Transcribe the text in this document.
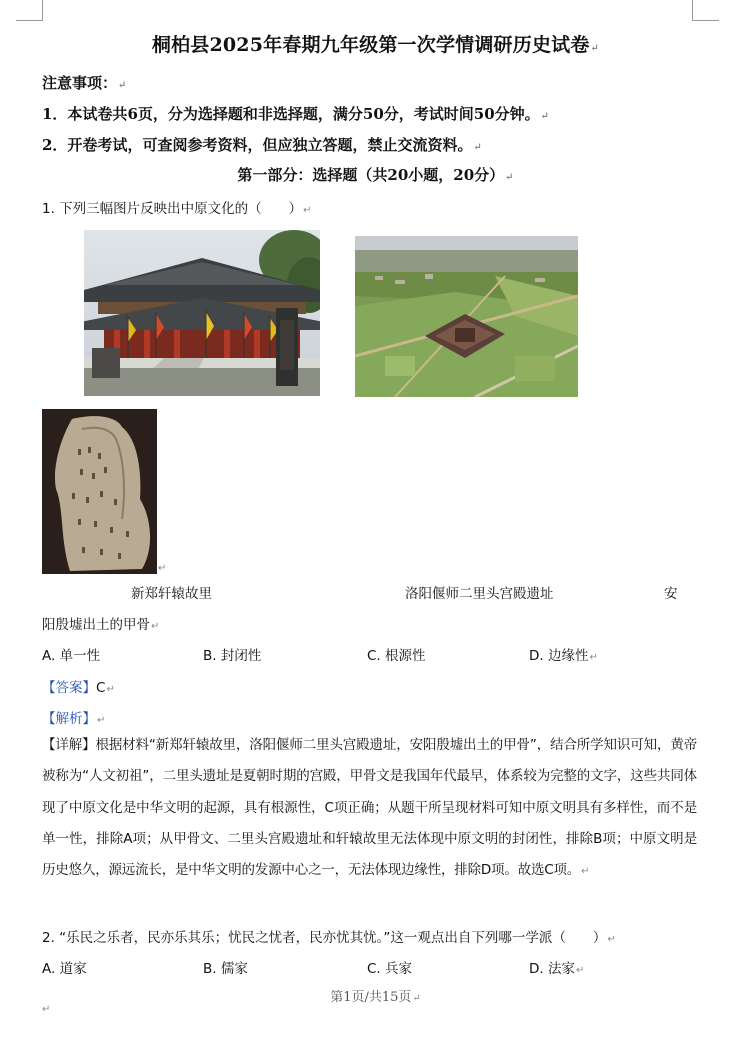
桐柏县2025年春期九年级第一次学情调研历史试卷↵
注意事项：↵
1．本试卷共6页，分为选择题和非选择题，满分50分，考试时间50分钟。↵
2．开卷考试，可查阅参考资料，但应独立答题，禁止交流资料。↵
第一部分：选择题（共20小题，20分）↵
1. 下列三幅图片反映出中原文化的（　　）↵
↵
新郑轩辕故里	洛阳偃师二里头宫殿遗址	安
阳殷墟出土的甲骨↵
A. 单一性	B. 封闭性	C. 根源性	D. 边缘性↵
【答案】C↵
【解析】↵
【详解】根据材料“新郑轩辕故里，洛阳偃师二里头宫殿遗址，安阳殷墟出土的甲骨”，结合所学知识可知，黄帝被称为“人文初祖”，二里头遗址是夏朝时期的宫殿，甲骨文是我国年代最早，体系较为完整的文字，这些共同体现了中原文化是中华文明的起源，具有根源性，C项正确；从题干所呈现材料可知中原文明具有多样性，而不是单一性，排除A项；从甲骨文、二里头宫殿遗址和轩辕故里无法体现中原文明的封闭性，排除B项；中原文明是历史悠久，源远流长，是中华文明的发源中心之一，无法体现边缘性，排除D项。故选C项。↵
2. “乐民之乐者，民亦乐其乐；忧民之忧者，民亦忧其忧。”这一观点出自下列哪一学派（　　）↵
A. 道家	B. 儒家	C. 兵家	D. 法家↵
第1页/共15页↵
↵
